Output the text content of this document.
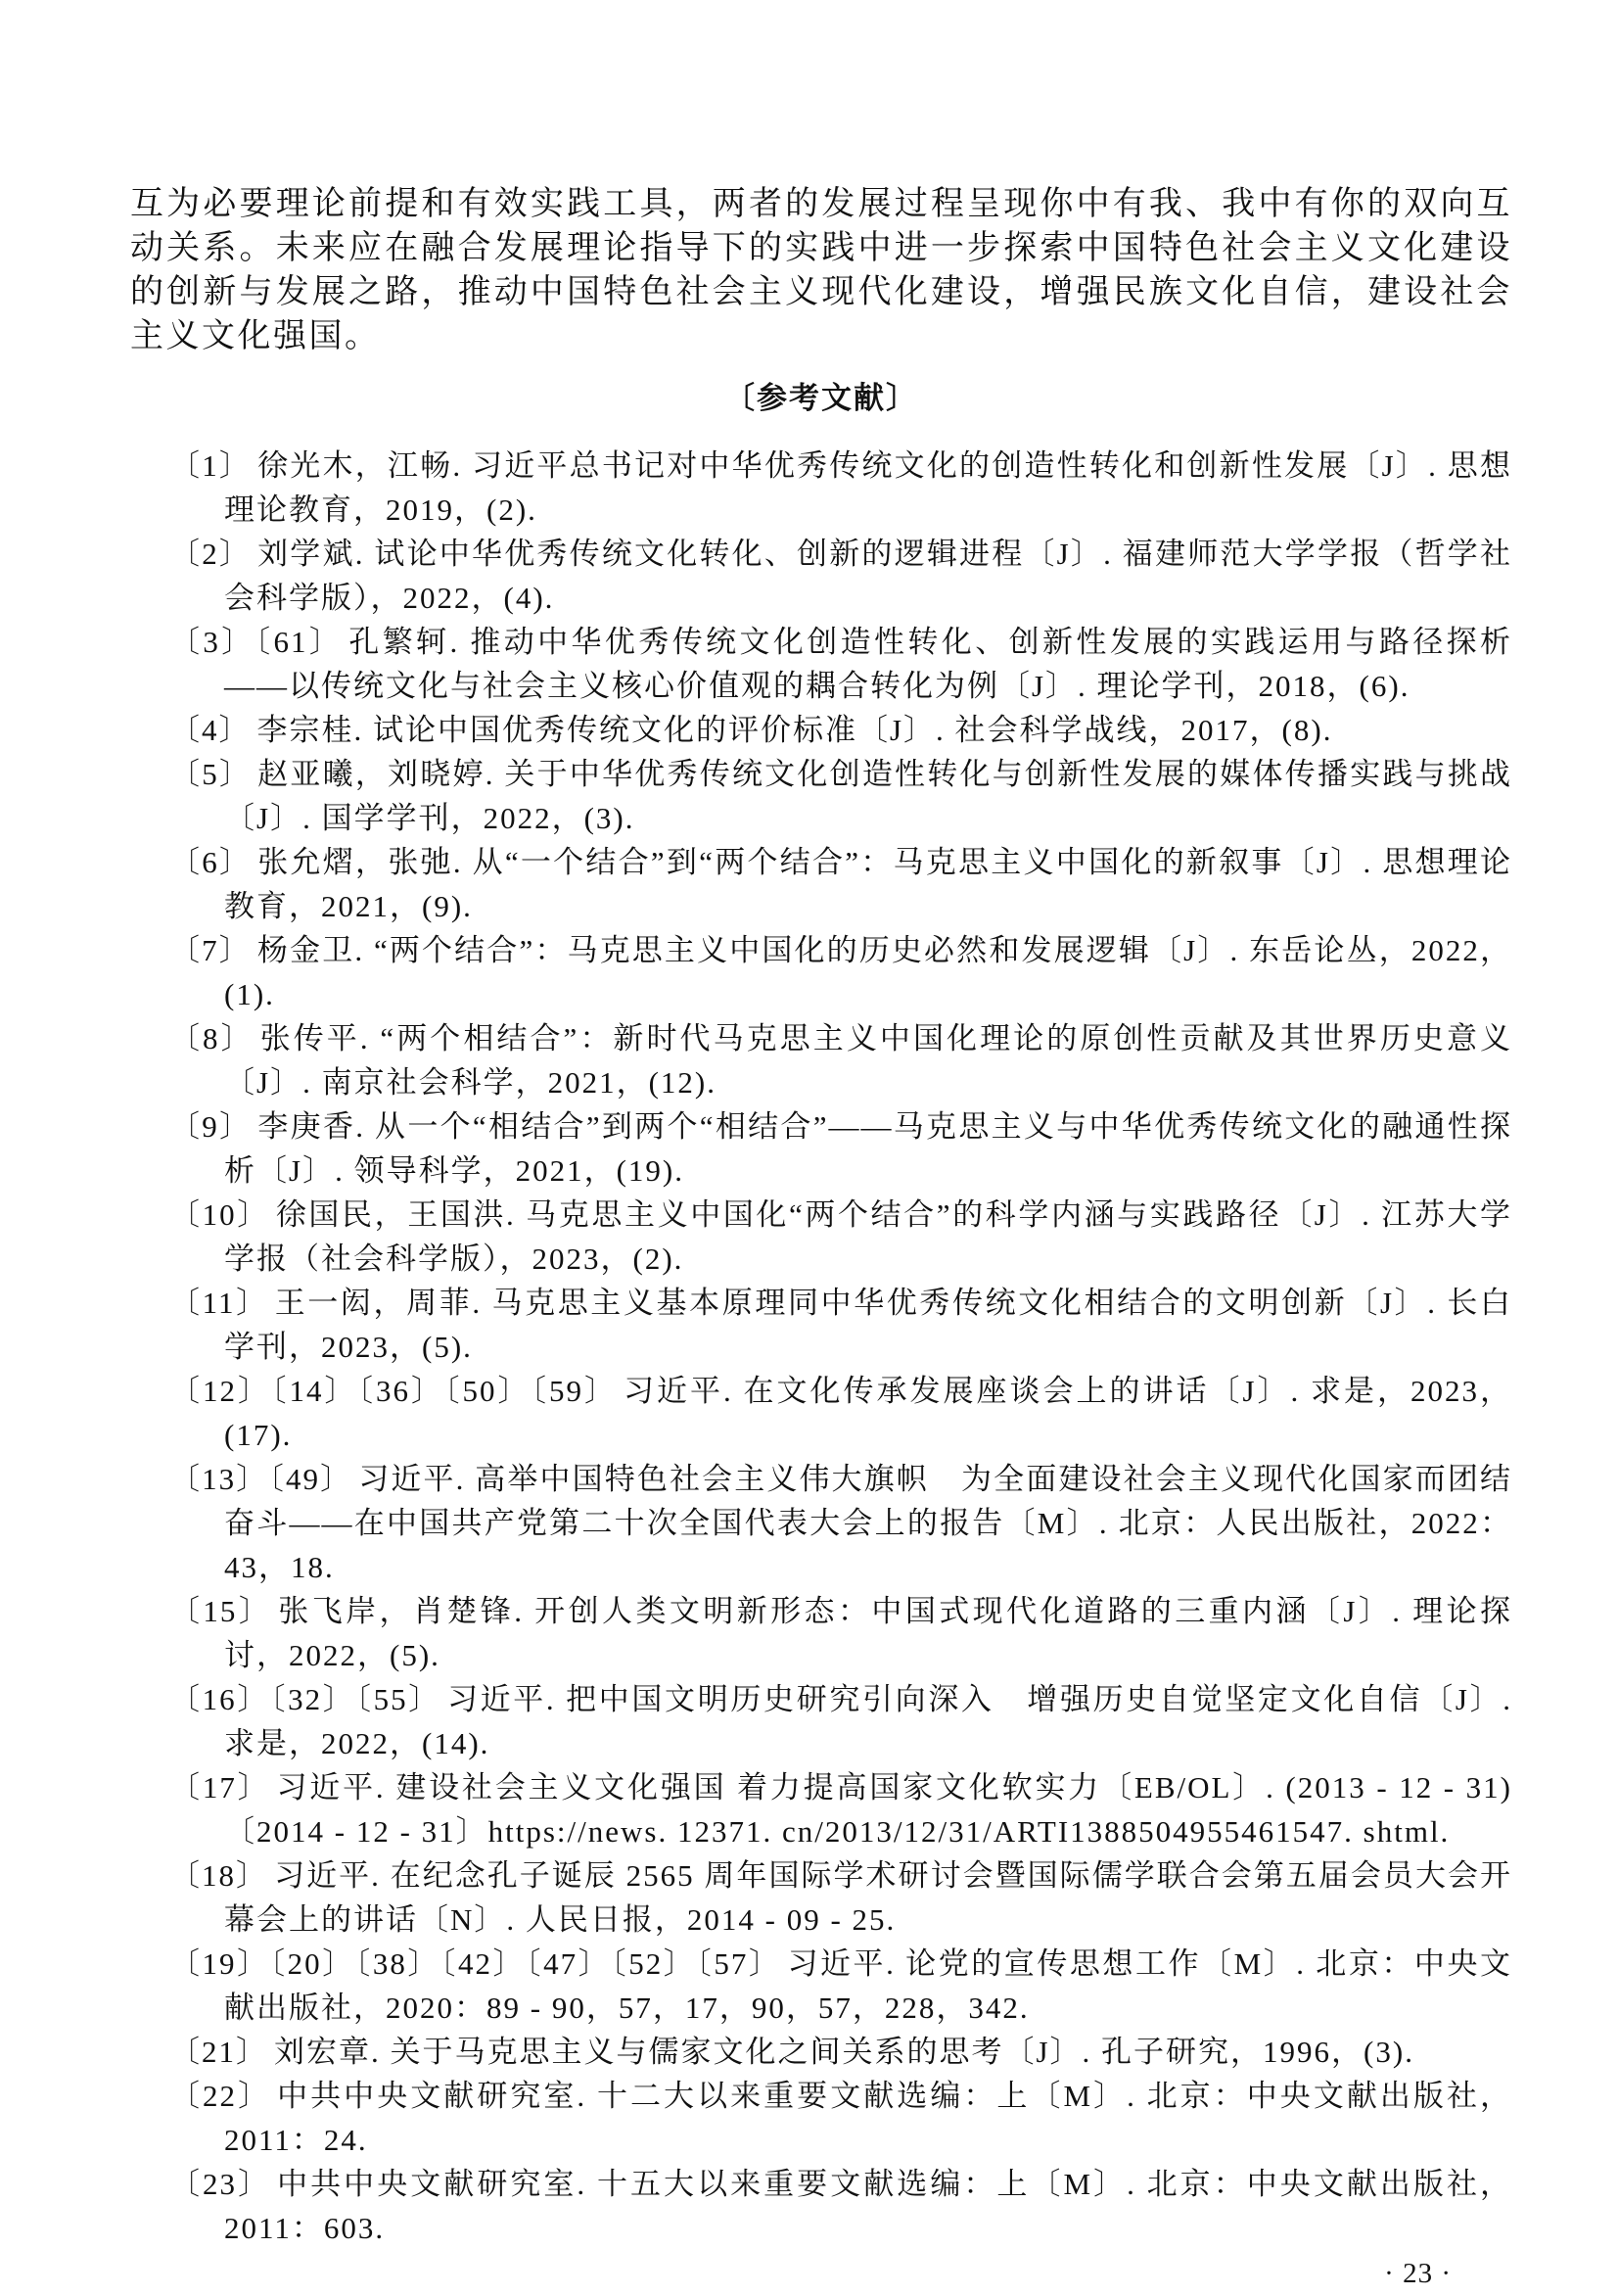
互为必要理论前提和有效实践工具，两者的发展过程呈现你中有我、我中有你的双向互动关系。未来应在融合发展理论指导下的实践中进一步探索中国特色社会主义文化建设的创新与发展之路，推动中国特色社会主义现代化建设，增强民族文化自信，建设社会主义文化强国。

〔参考文献〕
〔1〕 徐光木，江畅. 习近平总书记对中华优秀传统文化的创造性转化和创新性发展〔J〕. 思想理论教育，2019，(2).
〔2〕 刘学斌. 试论中华优秀传统文化转化、创新的逻辑进程〔J〕. 福建师范大学学报（哲学社会科学版），2022，(4).
〔3〕〔61〕 孔繁轲. 推动中华优秀传统文化创造性转化、创新性发展的实践运用与路径探析——以传统文化与社会主义核心价值观的耦合转化为例〔J〕. 理论学刊，2018，(6).
〔4〕 李宗桂. 试论中国优秀传统文化的评价标准〔J〕. 社会科学战线，2017，(8).
〔5〕 赵亚曦，刘晓婷. 关于中华优秀传统文化创造性转化与创新性发展的媒体传播实践与挑战〔J〕. 国学学刊，2022，(3).
〔6〕 张允熠，张弛. 从“一个结合”到“两个结合”：马克思主义中国化的新叙事〔J〕. 思想理论教育，2021，(9).
〔7〕 杨金卫. “两个结合”：马克思主义中国化的历史必然和发展逻辑〔J〕. 东岳论丛，2022，(1).
〔8〕 张传平. “两个相结合”：新时代马克思主义中国化理论的原创性贡献及其世界历史意义〔J〕. 南京社会科学，2021，(12).
〔9〕 李庚香. 从一个“相结合”到两个“相结合”——马克思主义与中华优秀传统文化的融通性探析〔J〕. 领导科学，2021，(19).
〔10〕 徐国民，王国洪. 马克思主义中国化“两个结合”的科学内涵与实践路径〔J〕. 江苏大学学报（社会科学版），2023，(2).
〔11〕 王一闳，周菲. 马克思主义基本原理同中华优秀传统文化相结合的文明创新〔J〕. 长白学刊，2023，(5).
〔12〕〔14〕〔36〕〔50〕〔59〕 习近平. 在文化传承发展座谈会上的讲话〔J〕. 求是，2023，(17).
〔13〕〔49〕 习近平. 高举中国特色社会主义伟大旗帜　为全面建设社会主义现代化国家而团结奋斗——在中国共产党第二十次全国代表大会上的报告〔M〕. 北京：人民出版社，2022：43，18.
〔15〕 张飞岸，肖楚锋. 开创人类文明新形态：中国式现代化道路的三重内涵〔J〕. 理论探讨，2022，(5).
〔16〕〔32〕〔55〕 习近平. 把中国文明历史研究引向深入　增强历史自觉坚定文化自信〔J〕. 求是，2022，(14).
〔17〕 习近平. 建设社会主义文化强国 着力提高国家文化软实力〔EB/OL〕. (2013 - 12 - 31)〔2014 - 12 - 31〕https://news. 12371. cn/2013/12/31/ARTI1388504955461547. shtml.
〔18〕 习近平. 在纪念孔子诞辰 2565 周年国际学术研讨会暨国际儒学联合会第五届会员大会开幕会上的讲话〔N〕. 人民日报，2014 - 09 - 25.
〔19〕〔20〕〔38〕〔42〕〔47〕〔52〕〔57〕 习近平. 论党的宣传思想工作〔M〕. 北京：中央文献出版社，2020：89 - 90，57，17，90，57，228，342.
〔21〕 刘宏章. 关于马克思主义与儒家文化之间关系的思考〔J〕. 孔子研究，1996，(3).
〔22〕 中共中央文献研究室. 十二大以来重要文献选编：上〔M〕. 北京：中央文献出版社，2011：24.
〔23〕 中共中央文献研究室. 十五大以来重要文献选编：上〔M〕. 北京：中央文献出版社，2011：603.
· 23 ·
